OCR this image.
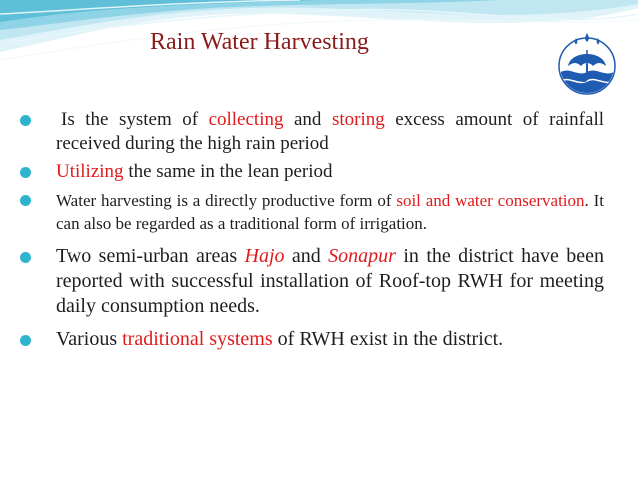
Rain Water Harvesting
Is the system of collecting and storing excess amount of rainfall received during the high rain period
Utilizing the same in the lean period
Water harvesting is a directly productive form of soil and water conservation. It can also be regarded as a traditional form of irrigation.
Two semi-urban areas Hajo and Sonapur in the district have been reported with successful installation of Roof-top RWH for meeting daily consumption needs.
Various traditional systems of RWH exist in the district.
